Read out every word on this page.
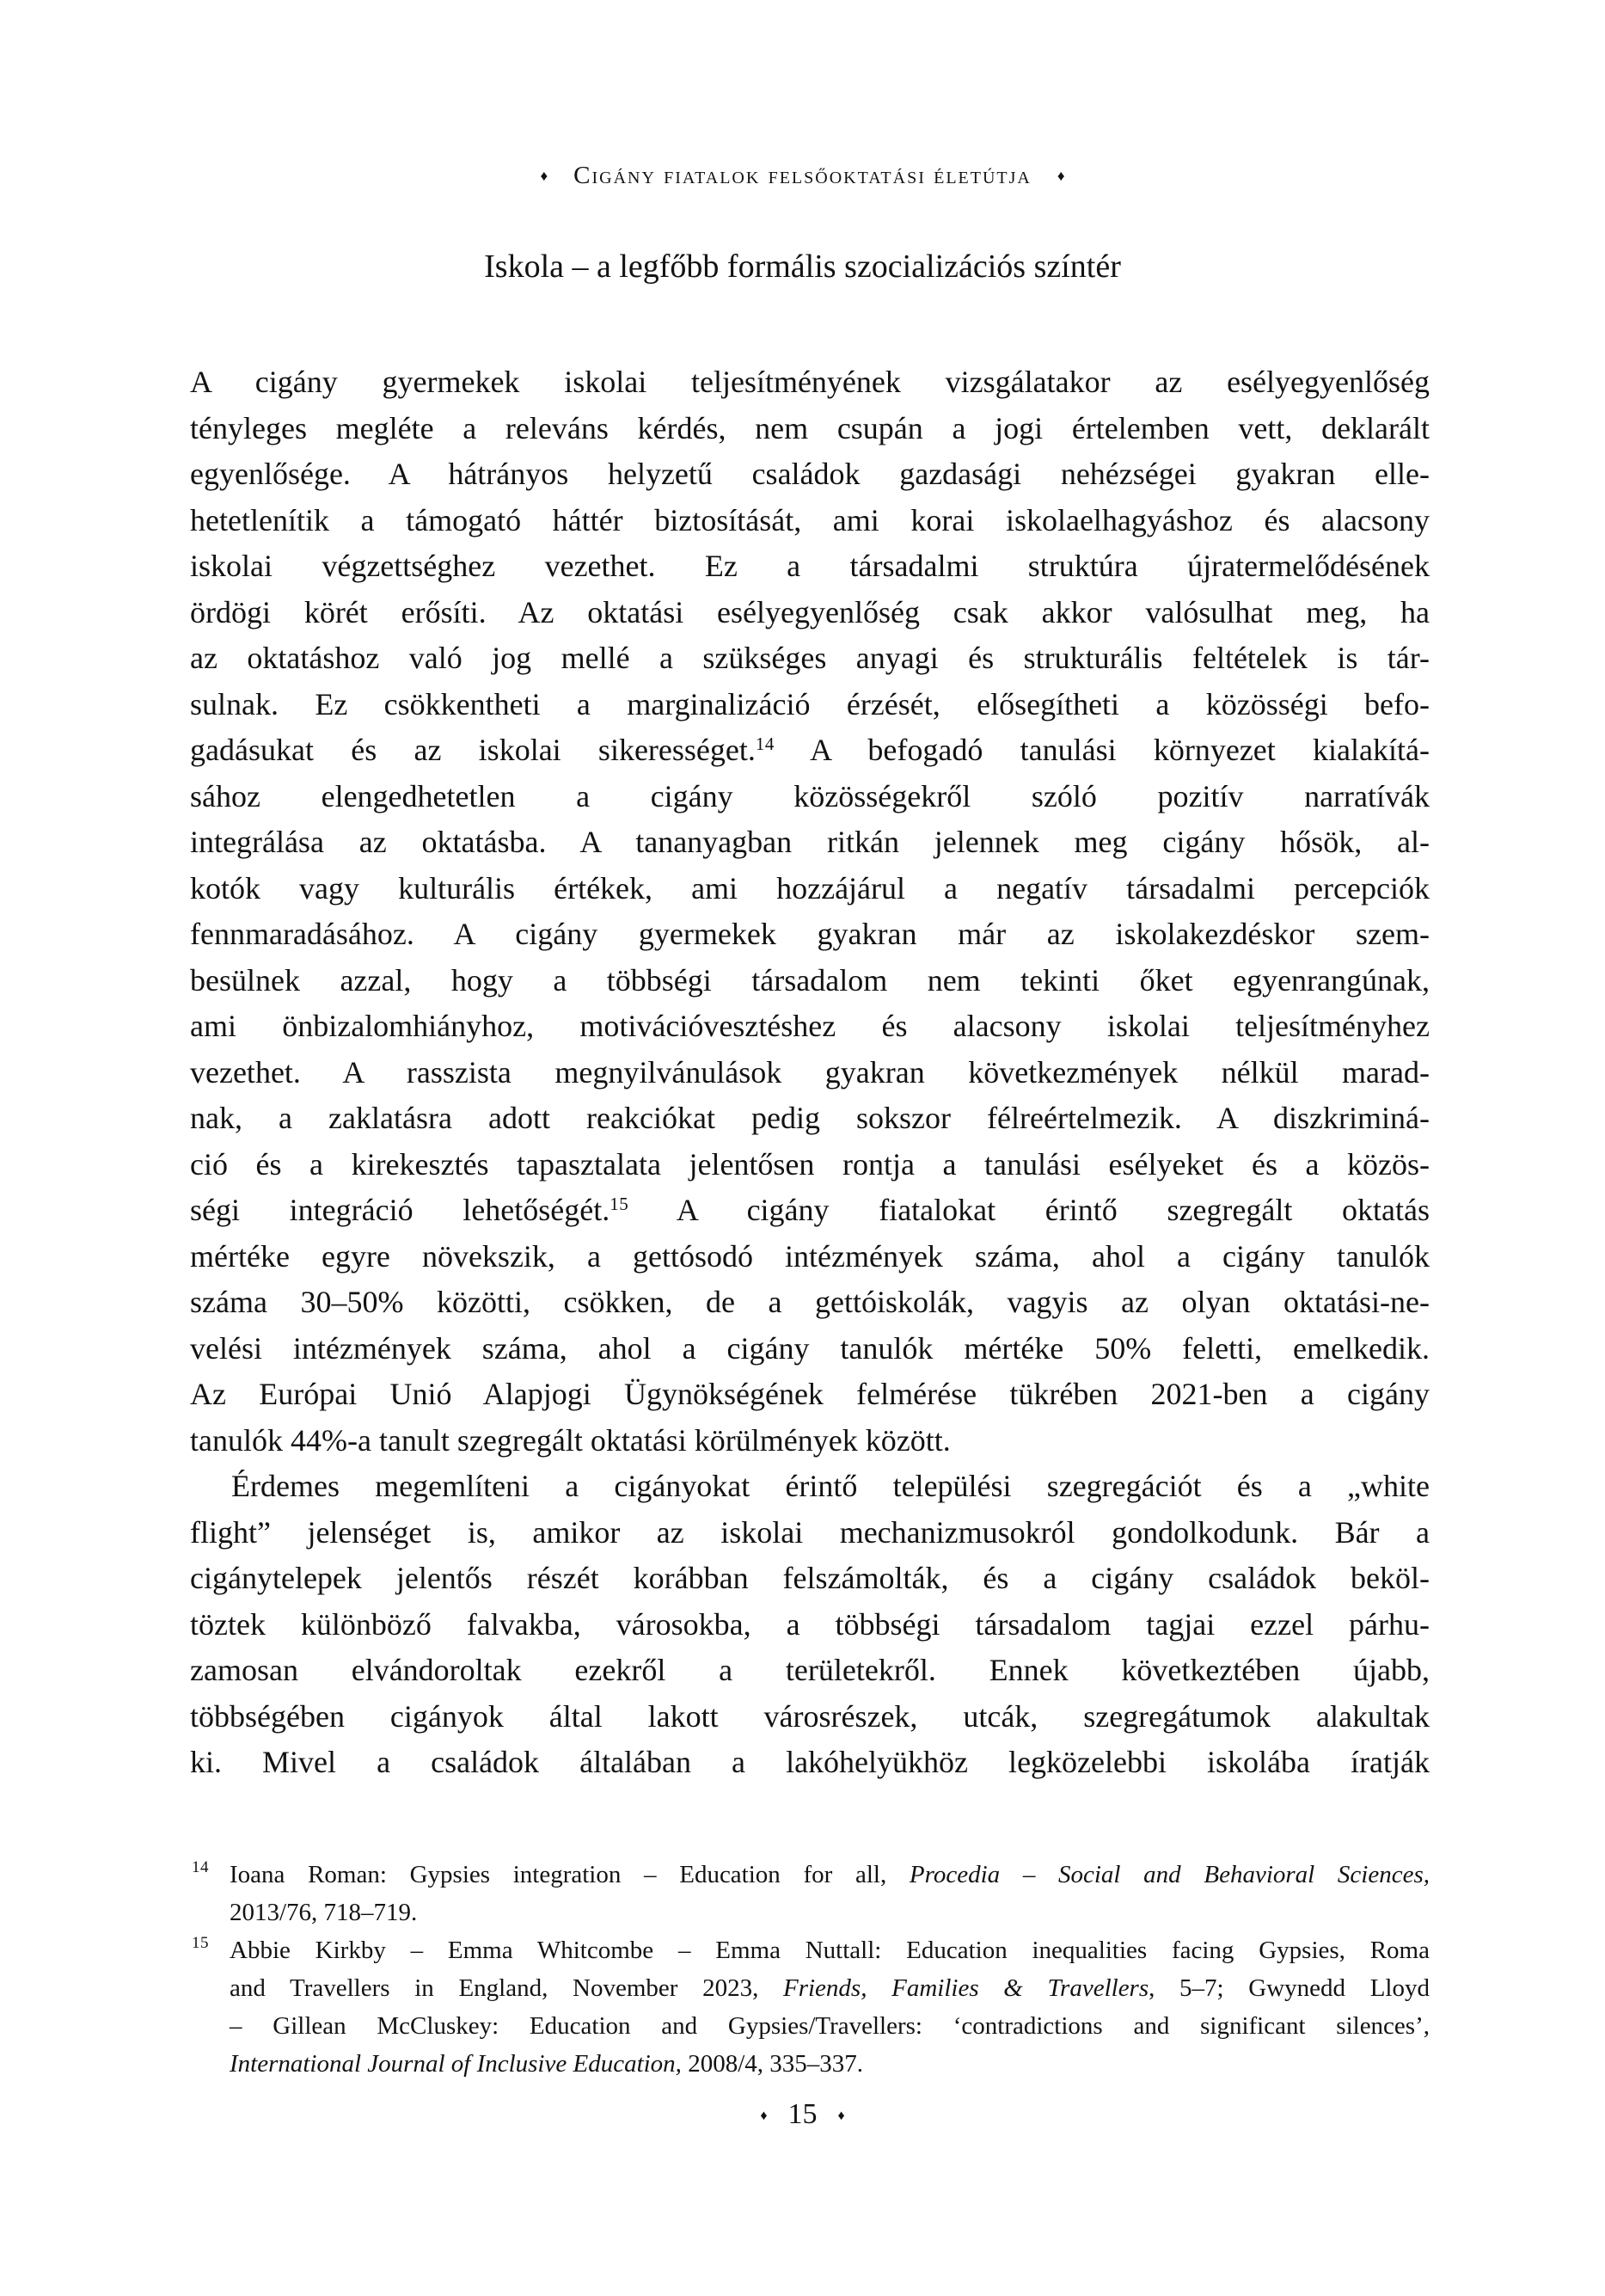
♦ Cigány fiatalok felsőoktatási életútja ♦
Iskola – a legfőbb formális szocializációs színtér
A cigány gyermekek iskolai teljesítményének vizsgálatakor az esélyegyenlőség
tényleges megléte a releváns kérdés, nem csupán a jogi értelemben vett, deklarált
egyenlősége. A hátrányos helyzetű családok gazdasági nehézségei gyakran elle-
hetetlenítik a támogató háttér biztosítását, ami korai iskolaelhagyáshoz és alacsony
iskolai végzettséghez vezethet. Ez a társadalmi struktúra újratermelődésének
ördögi körét erősíti. Az oktatási esélyegyenlőség csak akkor valósulhat meg, ha
az oktatáshoz való jog mellé a szükséges anyagi és strukturális feltételek is tár-
sulnak. Ez csökkentheti a marginalizáció érzését, elősegítheti a közösségi befo-
gadásukat és az iskolai sikerességet.$^{14}$ A befogadó tanulási környezet kialakítá-
sához elengedhetetlen a cigány közösségekről szóló pozitív narratívák
integrálása az oktatásba. A tananyagban ritkán jelennek meg cigány hősök, al-
kotók vagy kulturális értékek, ami hozzájárul a negatív társadalmi percepciók
fennmaradásához. A cigány gyermekek gyakran már az iskolakezdéskor szem-
besülnek azzal, hogy a többségi társadalom nem tekinti őket egyenrangúnak,
ami önbizalomhiányhoz, motivációvesztéshez és alacsony iskolai teljesítményhez
vezethet. A rasszista megnyilvánulások gyakran következmények nélkül marad-
nak, a zaklatásra adott reakciókat pedig sokszor félreértelmezik. A diszkriminá-
ció és a kirekesztés tapasztalata jelentősen rontja a tanulási esélyeket és a közös-
ségi integráció lehetőségét.$^{15}$ A cigány fiatalokat érintő szegregált oktatás
mértéke egyre növekszik, a gettósodó intézmények száma, ahol a cigány tanulók
száma 30–50% közötti, csökken, de a gettóiskolák, vagyis az olyan oktatási-ne-
velési intézmények száma, ahol a cigány tanulók mértéke 50% feletti, emelkedik.
Az Európai Unió Alapjogi Ügynökségének felmérése tükrében 2021-ben a cigány
tanulók 44%-a tanult szegregált oktatási körülmények között.
Érdemes megemlíteni a cigányokat érintő települési szegregációt és a „white
flight” jelenséget is, amikor az iskolai mechanizmusokról gondolkodunk. Bár a
cigánytelepek jelentős részét korábban felszámolták, és a cigány családok beköl-
töztek különböző falvakba, városokba, a többségi társadalom tagjai ezzel párhu-
zamosan elvándoroltak ezekről a területekről. Ennek következtében újabb,
többségében cigányok által lakott városrészek, utcák, szegregátumok alakultak
ki. Mivel a családok általában a lakóhelyükhöz legközelebbi iskolába íratják
14 Ioana Roman: Gypsies integration – Education for all, Procedia – Social and Behavioral Sciences,
2013/76, 718–719.
15 Abbie Kirkby – Emma Whitcombe – Emma Nuttall: Education inequalities facing Gypsies, Roma
and Travellers in England, November 2023, Friends, Families & Travellers, 5–7; Gwynedd Lloyd
– Gillean McCluskey: Education and Gypsies/Travellers: ‘contradictions and significant silences’,
International Journal of Inclusive Education, 2008/4, 335–337.
♦ 15 ♦
